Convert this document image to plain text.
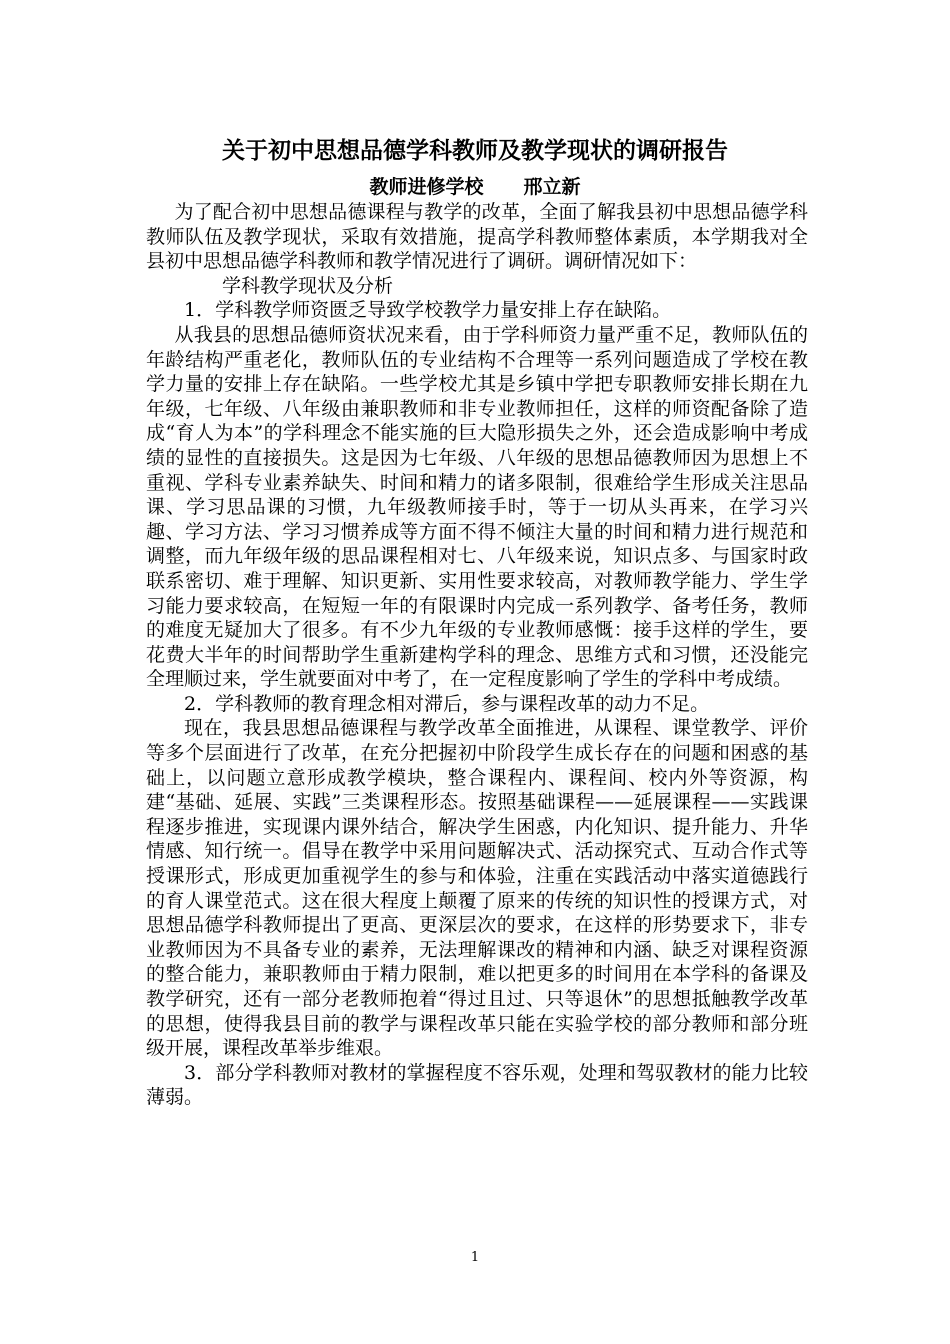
关于初中思想品德学科教师及教学现状的调研报告
教师进修学校 邢立新

为了配合初中思想品德课程与教学的改革，全面了解我县初中思想品德学科教师队伍及教学现状，采取有效措施，提高学科教师整体素质，本学期我对全县初中思想品德学科教师和教学情况进行了调研。调研情况如下：

学科教学现状及分析

1．学科教学师资匮乏导致学校教学力量安排上存在缺陷。

从我县的思想品德师资状况来看，由于学科师资力量严重不足，教师队伍的年龄结构严重老化，教师队伍的专业结构不合理等一系列问题造成了学校在教学力量的安排上存在缺陷。一些学校尤其是乡镇中学把专职教师安排长期在九年级，七年级、八年级由兼职教师和非专业教师担任，这样的师资配备除了造成“育人为本”的学科理念不能实施的巨大隐形损失之外，还会造成影响中考成绩的显性的直接损失。这是因为七年级、八年级的思想品德教师因为思想上不重视、学科专业素养缺失、时间和精力的诸多限制，很难给学生形成关注思品课、学习思品课的习惯，九年级教师接手时，等于一切从头再来，在学习兴趣、学习方法、学习习惯养成等方面不得不倾注大量的时间和精力进行规范和调整，而九年级年级的思品课程相对七、八年级来说，知识点多、与国家时政联系密切、难于理解、知识更新、实用性要求较高，对教师教学能力、学生学习能力要求较高，在短短一年的有限课时内完成一系列教学、备考任务，教师的难度无疑加大了很多。有不少九年级的专业教师感慨：接手这样的学生，要花费大半年的时间帮助学生重新建构学科的理念、思维方式和习惯，还没能完全理顺过来，学生就要面对中考了，在一定程度影响了学生的学科中考成绩。

2．学科教师的教育理念相对滞后，参与课程改革的动力不足。

现在，我县思想品德课程与教学改革全面推进，从课程、课堂教学、评价等多个层面进行了改革，在充分把握初中阶段学生成长存在的问题和困惑的基础上，以问题立意形成教学模块，整合课程内、课程间、校内外等资源，构建“基础、延展、实践”三类课程形态。按照基础课程——延展课程——实践课程逐步推进，实现课内课外结合，解决学生困惑，内化知识、提升能力、升华情感、知行统一。倡导在教学中采用问题解决式、活动探究式、互动合作式等授课形式，形成更加重视学生的参与和体验，注重在实践活动中落实道德践行的育人课堂范式。这在很大程度上颠覆了原来的传统的知识性的授课方式，对思想品德学科教师提出了更高、更深层次的要求，在这样的形势要求下，非专业教师因为不具备专业的素养，无法理解课改的精神和内涵、缺乏对课程资源的整合能力，兼职教师由于精力限制，难以把更多的时间用在本学科的备课及教学研究，还有一部分老教师抱着“得过且过、只等退休”的思想抵触教学改革的思想，使得我县目前的教学与课程改革只能在实验学校的部分教师和部分班级开展，课程改革举步维艰。

3．部分学科教师对教材的掌握程度不容乐观，处理和驾驭教材的能力比较薄弱。

1
